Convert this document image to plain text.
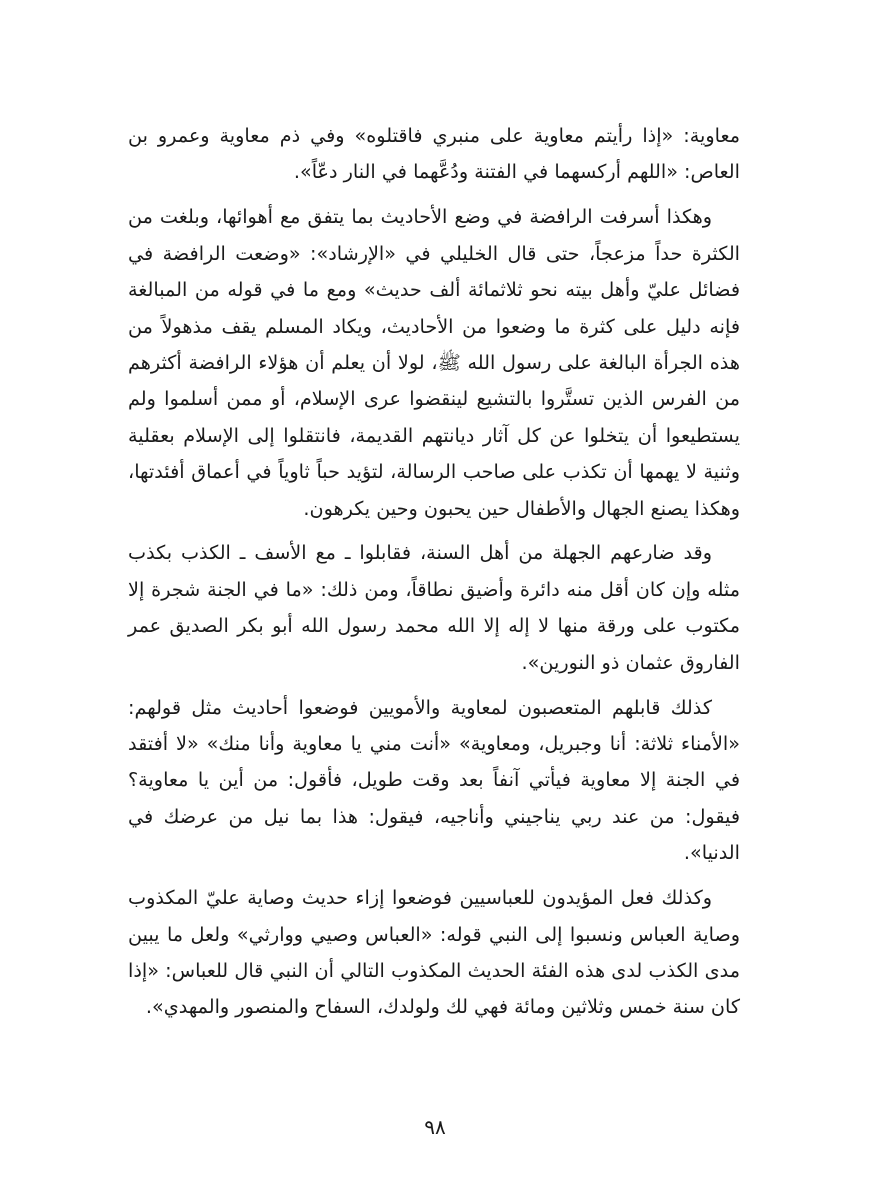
معاوية: «إذا رأيتم معاوية على منبري فاقتلوه» وفي ذم معاوية وعمرو بن العاص: «اللهم أركسهما في الفتنة ودُعَّهما في النار دعّاً».

وهكذا أسرفت الرافضة في وضع الأحاديث بما يتفق مع أهوائها، وبلغت من الكثرة حداً مزعجاً، حتى قال الخليلي في «الإرشاد»: «وضعت الرافضة في فضائل عليّ وأهل بيته نحو ثلاثمائة ألف حديث» ومع ما في قوله من المبالغة فإنه دليل على كثرة ما وضعوا من الأحاديث، ويكاد المسلم يقف مذهولاً من هذه الجرأة البالغة على رسول الله ﷺ، لولا أن يعلم أن هؤلاء الرافضة أكثرهم من الفرس الذين تستَّروا بالتشيع لينقضوا عرى الإسلام، أو ممن أسلموا ولم يستطيعوا أن يتخلوا عن كل آثار ديانتهم القديمة، فانتقلوا إلى الإسلام بعقلية وثنية لا يهمها أن تكذب على صاحب الرسالة، لتؤيد حباً ثاوياً في أعماق أفئدتها، وهكذا يصنع الجهال والأطفال حين يحبون وحين يكرهون.

وقد ضارعهم الجهلة من أهل السنة، فقابلوا ـ مع الأسف ـ الكذب بكذب مثله وإن كان أقل منه دائرة وأضيق نطاقاً، ومن ذلك: «ما في الجنة شجرة إلا مكتوب على ورقة منها لا إله إلا الله محمد رسول الله أبو بكر الصديق عمر الفاروق عثمان ذو النورين».

كذلك قابلهم المتعصبون لمعاوية والأمويين فوضعوا أحاديث مثل قولهم: «الأمناء ثلاثة: أنا وجبريل، ومعاوية» «أنت مني يا معاوية وأنا منك» «لا أفتقد في الجنة إلا معاوية فيأتي آنفاً بعد وقت طويل، فأقول: من أين يا معاوية؟ فيقول: من عند ربي يناجيني وأناجيه، فيقول: هذا بما نيل من عرضك في الدنيا».

وكذلك فعل المؤيدون للعباسيين فوضعوا إزاء حديث وصاية عليّ المكذوب وصاية العباس ونسبوا إلى النبي قوله: «العباس وصيي ووارثي» ولعل ما يبين مدى الكذب لدى هذه الفئة الحديث المكذوب التالي أن النبي قال للعباس: «إذا كان سنة خمس وثلاثين ومائة فهي لك ولولدك، السفاح والمنصور والمهدي».

٩٨
